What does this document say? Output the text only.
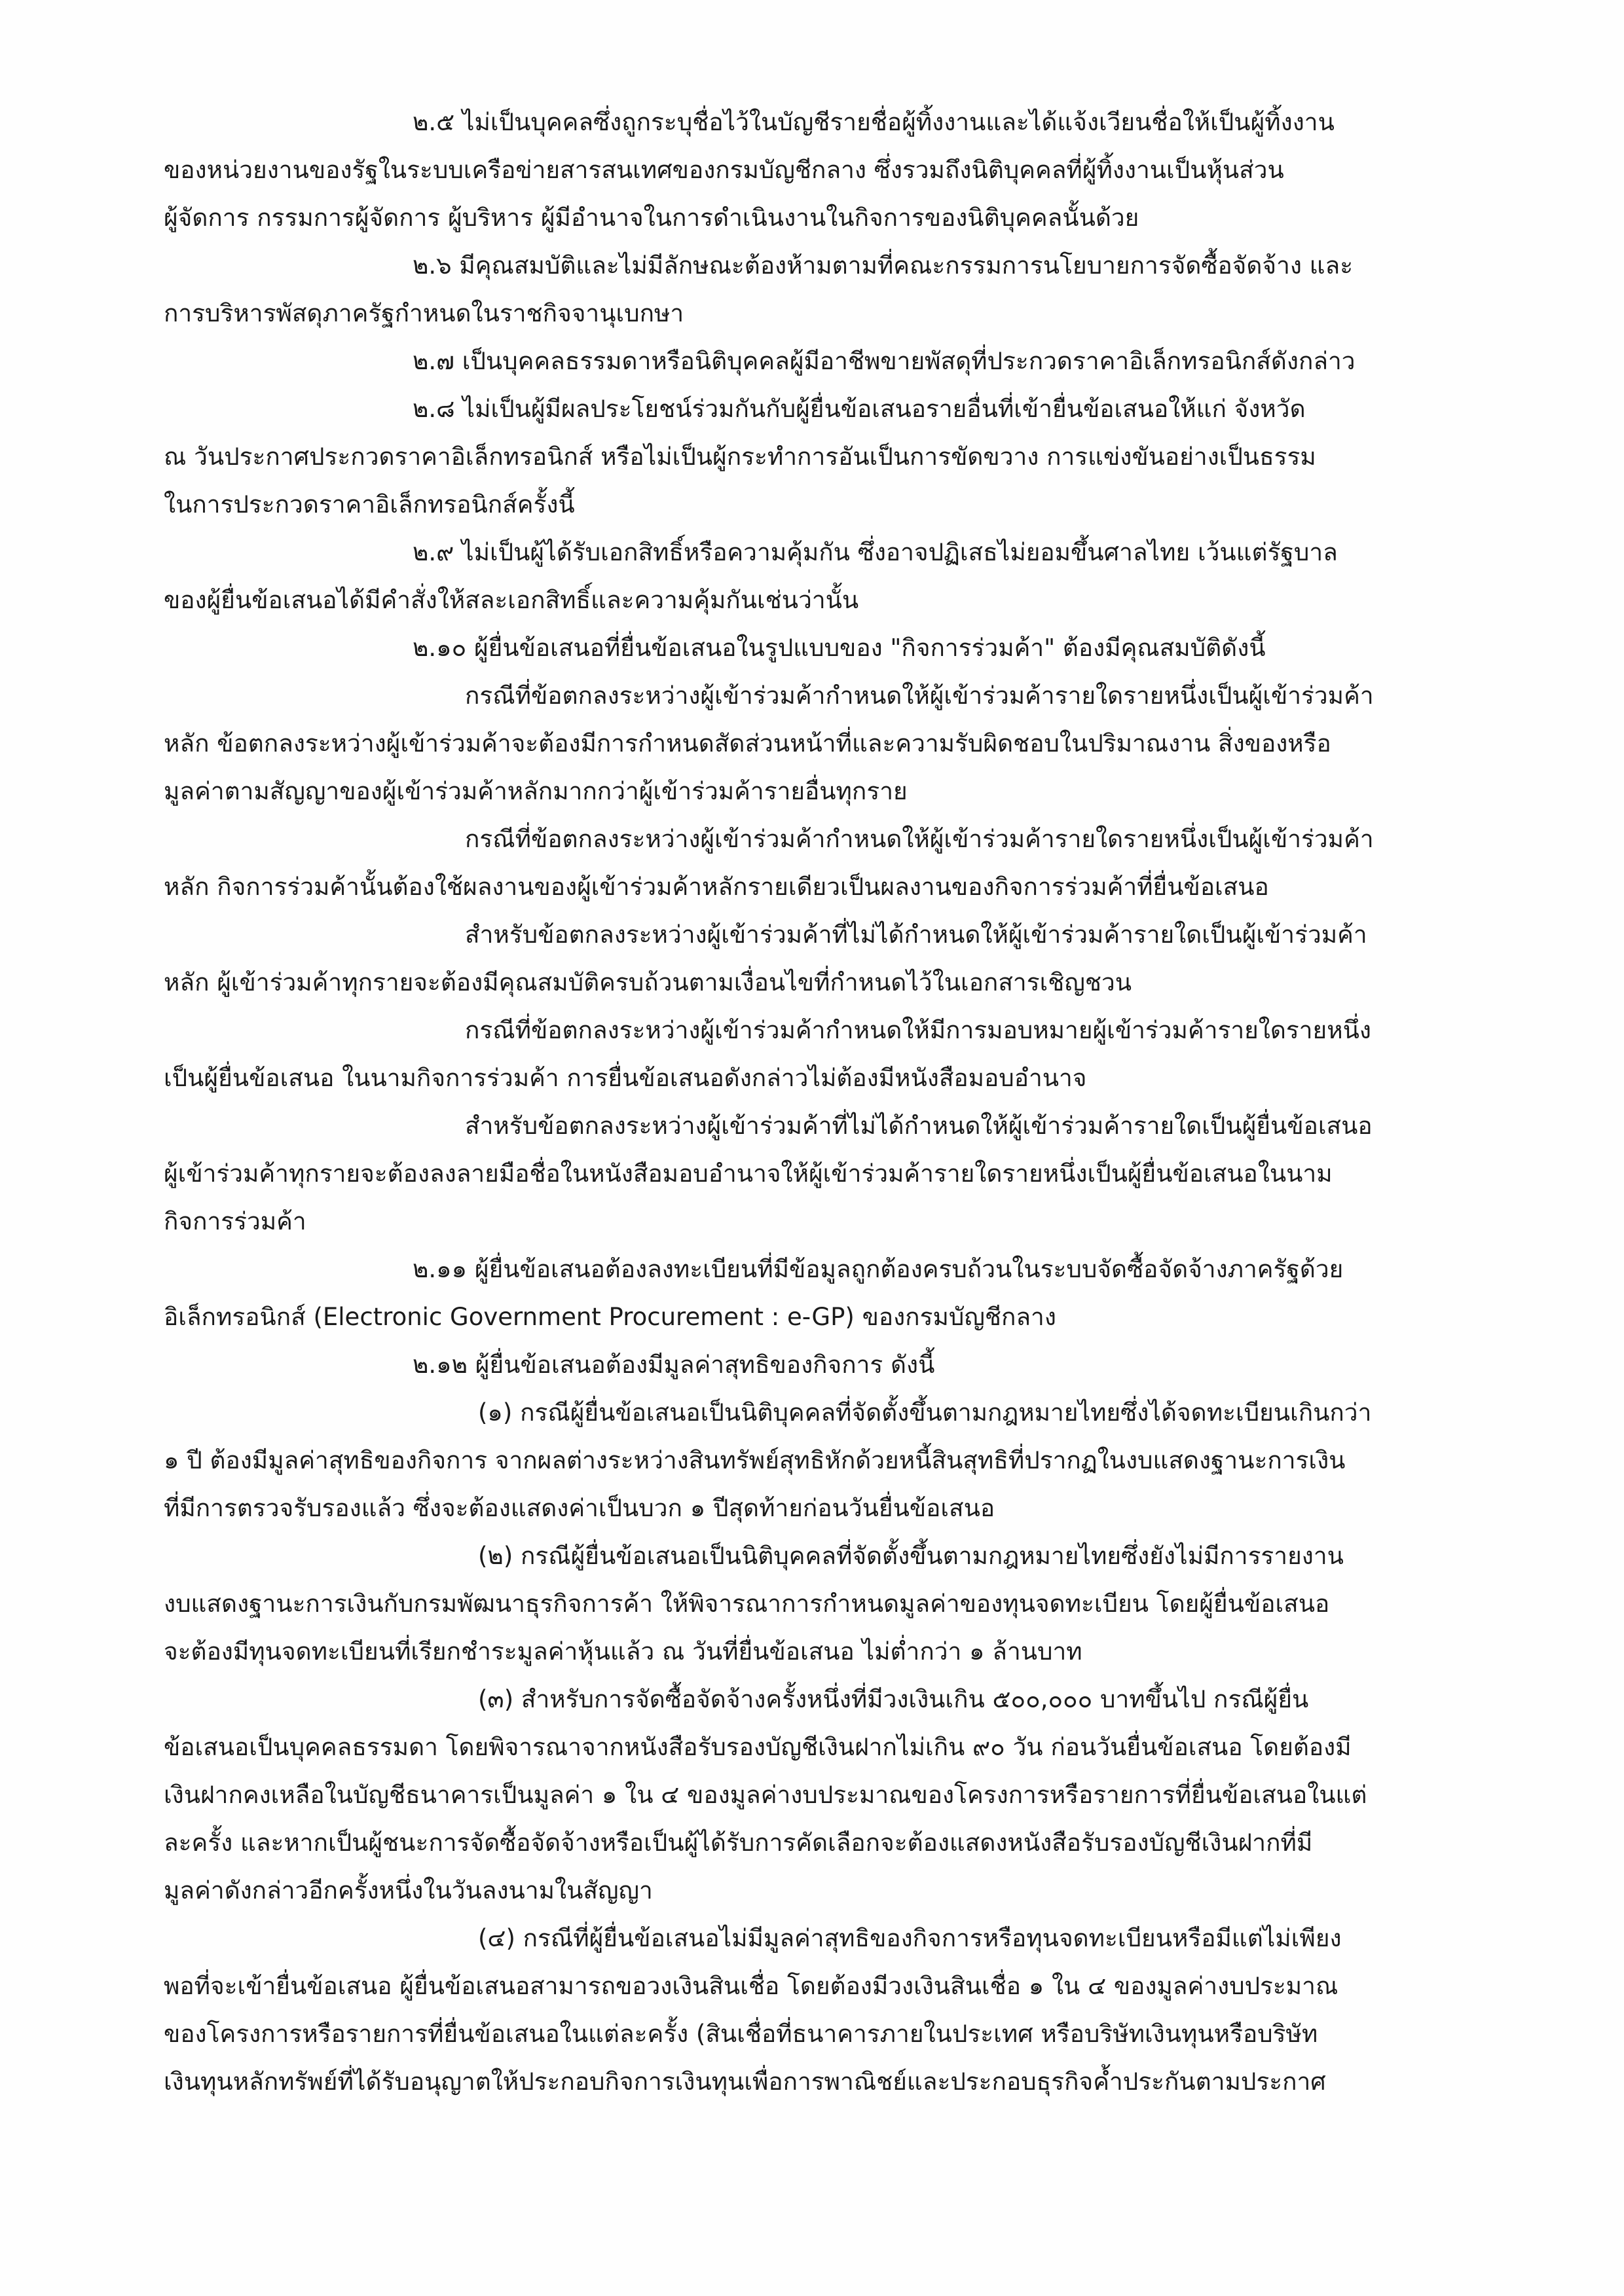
๒.๕ ไม่เป็นบุคคลซึ่งถูกระบุชื่อไว้ในบัญชีรายชื่อผู้ทิ้งงานและได้แจ้งเวียนชื่อให้เป็นผู้ทิ้งงาน
ของหน่วยงานของรัฐในระบบเครือข่ายสารสนเทศของกรมบัญชีกลาง ซึ่งรวมถึงนิติบุคคลที่ผู้ทิ้งงานเป็นหุ้นส่วน
ผู้จัดการ กรรมการผู้จัดการ ผู้บริหาร ผู้มีอำนาจในการดำเนินงานในกิจการของนิติบุคคลนั้นด้วย
๒.๖ มีคุณสมบัติและไม่มีลักษณะต้องห้ามตามที่คณะกรรมการนโยบายการจัดซื้อจัดจ้าง และ
การบริหารพัสดุภาครัฐกำหนดในราชกิจจานุเบกษา
๒.๗ เป็นบุคคลธรรมดาหรือนิติบุคคลผู้มีอาชีพขายพัสดุที่ประกวดราคาอิเล็กทรอนิกส์ดังกล่าว
๒.๘ ไม่เป็นผู้มีผลประโยชน์ร่วมกันกับผู้ยื่นข้อเสนอรายอื่นที่เข้ายื่นข้อเสนอให้แก่ จังหวัด
ณ วันประกาศประกวดราคาอิเล็กทรอนิกส์ หรือไม่เป็นผู้กระทำการอันเป็นการขัดขวาง การแข่งขันอย่างเป็นธรรม
ในการประกวดราคาอิเล็กทรอนิกส์ครั้งนี้
๒.๙ ไม่เป็นผู้ได้รับเอกสิทธิ์หรือความคุ้มกัน ซึ่งอาจปฏิเสธไม่ยอมขึ้นศาลไทย เว้นแต่รัฐบาล
ของผู้ยื่นข้อเสนอได้มีคำสั่งให้สละเอกสิทธิ์และความคุ้มกันเช่นว่านั้น
๒.๑๐ ผู้ยื่นข้อเสนอที่ยื่นข้อเสนอในรูปแบบของ "กิจการร่วมค้า" ต้องมีคุณสมบัติดังนี้
กรณีที่ข้อตกลงระหว่างผู้เข้าร่วมค้ากำหนดให้ผู้เข้าร่วมค้ารายใดรายหนึ่งเป็นผู้เข้าร่วมค้า
หลัก ข้อตกลงระหว่างผู้เข้าร่วมค้าจะต้องมีการกำหนดสัดส่วนหน้าที่และความรับผิดชอบในปริมาณงาน สิ่งของหรือ
มูลค่าตามสัญญาของผู้เข้าร่วมค้าหลักมากกว่าผู้เข้าร่วมค้ารายอื่นทุกราย
กรณีที่ข้อตกลงระหว่างผู้เข้าร่วมค้ากำหนดให้ผู้เข้าร่วมค้ารายใดรายหนึ่งเป็นผู้เข้าร่วมค้า
หลัก กิจการร่วมค้านั้นต้องใช้ผลงานของผู้เข้าร่วมค้าหลักรายเดียวเป็นผลงานของกิจการร่วมค้าที่ยื่นข้อเสนอ
สำหรับข้อตกลงระหว่างผู้เข้าร่วมค้าที่ไม่ได้กำหนดให้ผู้เข้าร่วมค้ารายใดเป็นผู้เข้าร่วมค้า
หลัก ผู้เข้าร่วมค้าทุกรายจะต้องมีคุณสมบัติครบถ้วนตามเงื่อนไขที่กำหนดไว้ในเอกสารเชิญชวน
กรณีที่ข้อตกลงระหว่างผู้เข้าร่วมค้ากำหนดให้มีการมอบหมายผู้เข้าร่วมค้ารายใดรายหนึ่ง
เป็นผู้ยื่นข้อเสนอ ในนามกิจการร่วมค้า การยื่นข้อเสนอดังกล่าวไม่ต้องมีหนังสือมอบอำนาจ
สำหรับข้อตกลงระหว่างผู้เข้าร่วมค้าที่ไม่ได้กำหนดให้ผู้เข้าร่วมค้ารายใดเป็นผู้ยื่นข้อเสนอ
ผู้เข้าร่วมค้าทุกรายจะต้องลงลายมือชื่อในหนังสือมอบอำนาจให้ผู้เข้าร่วมค้ารายใดรายหนึ่งเป็นผู้ยื่นข้อเสนอในนาม
กิจการร่วมค้า
๒.๑๑ ผู้ยื่นข้อเสนอต้องลงทะเบียนที่มีข้อมูลถูกต้องครบถ้วนในระบบจัดซื้อจัดจ้างภาครัฐด้วย
อิเล็กทรอนิกส์ (Electronic Government Procurement : e-GP) ของกรมบัญชีกลาง
๒.๑๒ ผู้ยื่นข้อเสนอต้องมีมูลค่าสุทธิของกิจการ ดังนี้
(๑) กรณีผู้ยื่นข้อเสนอเป็นนิติบุคคลที่จัดตั้งขึ้นตามกฎหมายไทยซึ่งได้จดทะเบียนเกินกว่า
๑ ปี ต้องมีมูลค่าสุทธิของกิจการ จากผลต่างระหว่างสินทรัพย์สุทธิหักด้วยหนี้สินสุทธิที่ปรากฏในงบแสดงฐานะการเงิน
ที่มีการตรวจรับรองแล้ว ซึ่งจะต้องแสดงค่าเป็นบวก ๑ ปีสุดท้ายก่อนวันยื่นข้อเสนอ
(๒) กรณีผู้ยื่นข้อเสนอเป็นนิติบุคคลที่จัดตั้งขึ้นตามกฎหมายไทยซึ่งยังไม่มีการรายงาน
งบแสดงฐานะการเงินกับกรมพัฒนาธุรกิจการค้า ให้พิจารณาการกำหนดมูลค่าของทุนจดทะเบียน โดยผู้ยื่นข้อเสนอ
จะต้องมีทุนจดทะเบียนที่เรียกชำระมูลค่าหุ้นแล้ว ณ วันที่ยื่นข้อเสนอ ไม่ต่ำกว่า ๑ ล้านบาท
(๓) สำหรับการจัดซื้อจัดจ้างครั้งหนึ่งที่มีวงเงินเกิน ๕๐๐,๐๐๐ บาทขึ้นไป กรณีผู้ยื่น
ข้อเสนอเป็นบุคคลธรรมดา โดยพิจารณาจากหนังสือรับรองบัญชีเงินฝากไม่เกิน ๙๐ วัน ก่อนวันยื่นข้อเสนอ โดยต้องมี
เงินฝากคงเหลือในบัญชีธนาคารเป็นมูลค่า ๑ ใน ๔ ของมูลค่างบประมาณของโครงการหรือรายการที่ยื่นข้อเสนอในแต่
ละครั้ง และหากเป็นผู้ชนะการจัดซื้อจัดจ้างหรือเป็นผู้ได้รับการคัดเลือกจะต้องแสดงหนังสือรับรองบัญชีเงินฝากที่มี
มูลค่าดังกล่าวอีกครั้งหนึ่งในวันลงนามในสัญญา
(๔) กรณีที่ผู้ยื่นข้อเสนอไม่มีมูลค่าสุทธิของกิจการหรือทุนจดทะเบียนหรือมีแต่ไม่เพียง
พอที่จะเข้ายื่นข้อเสนอ ผู้ยื่นข้อเสนอสามารถขอวงเงินสินเชื่อ โดยต้องมีวงเงินสินเชื่อ ๑ ใน ๔ ของมูลค่างบประมาณ
ของโครงการหรือรายการที่ยื่นข้อเสนอในแต่ละครั้ง (สินเชื่อที่ธนาคารภายในประเทศ หรือบริษัทเงินทุนหรือบริษัท
เงินทุนหลักทรัพย์ที่ได้รับอนุญาตให้ประกอบกิจการเงินทุนเพื่อการพาณิชย์และประกอบธุรกิจค้ำประกันตามประกาศ
